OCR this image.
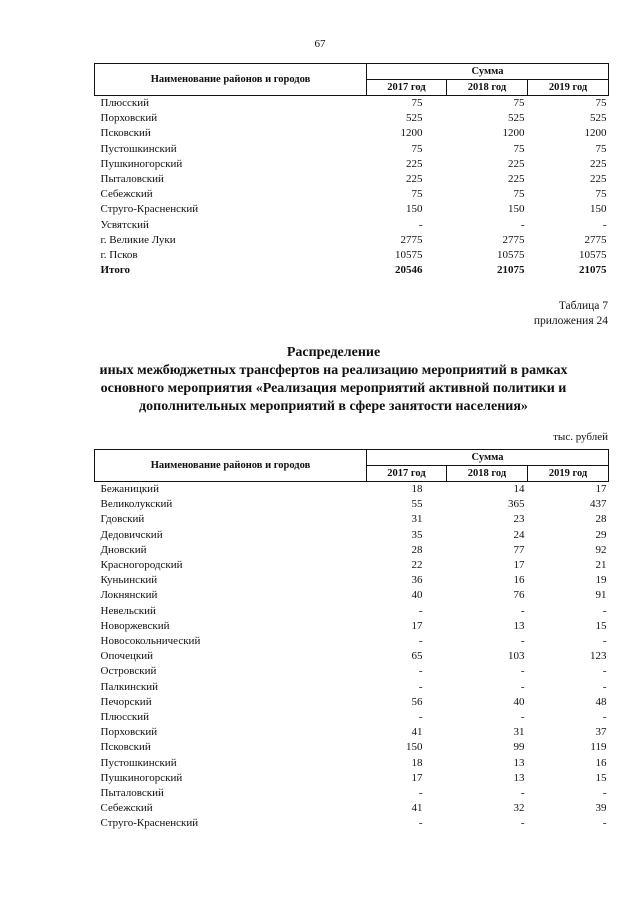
67
Наименование районов и городов	Сумма		
	2017 год	2018 год	2019 год
Плюсский	75	75	75
Порховский	525	525	525
Псковский	1200	1200	1200
Пустошкинский	75	75	75
Пушкиногорский	225	225	225
Пыталовский	225	225	225
Себежский	75	75	75
Струго-Красненский	150	150	150
Усвятский	-	-	-
г. Великие Луки	2775	2775	2775
г. Псков	10575	10575	10575
Итого	20546	21075	21075
Таблица 7
приложения 24
Распределение
иных межбюджетных трансфертов на реализацию мероприятий в рамках
основного мероприятия «Реализация мероприятий активной политики и
дополнительных мероприятий в сфере занятости населения»
тыс. рублей
Наименование районов и городов	Сумма		
	2017 год	2018 год	2019 год
Бежаницкий	18	14	17
Великолукский	55	365	437
Гдовский	31	23	28
Дедовичский	35	24	29
Дновский	28	77	92
Красногородский	22	17	21
Куньинский	36	16	19
Локнянский	40	76	91
Невельский	-	-	-
Новоржевский	17	13	15
Новосокольнический	-	-	-
Опочецкий	65	103	123
Островский	-	-	-
Палкинский	-	-	-
Печорский	56	40	48
Плюсский	-	-	-
Порховский	41	31	37
Псковский	150	99	119
Пустошкинский	18	13	16
Пушкиногорский	17	13	15
Пыталовский	-	-	-
Себежский	41	32	39
Струго-Красненский	-	-	-
